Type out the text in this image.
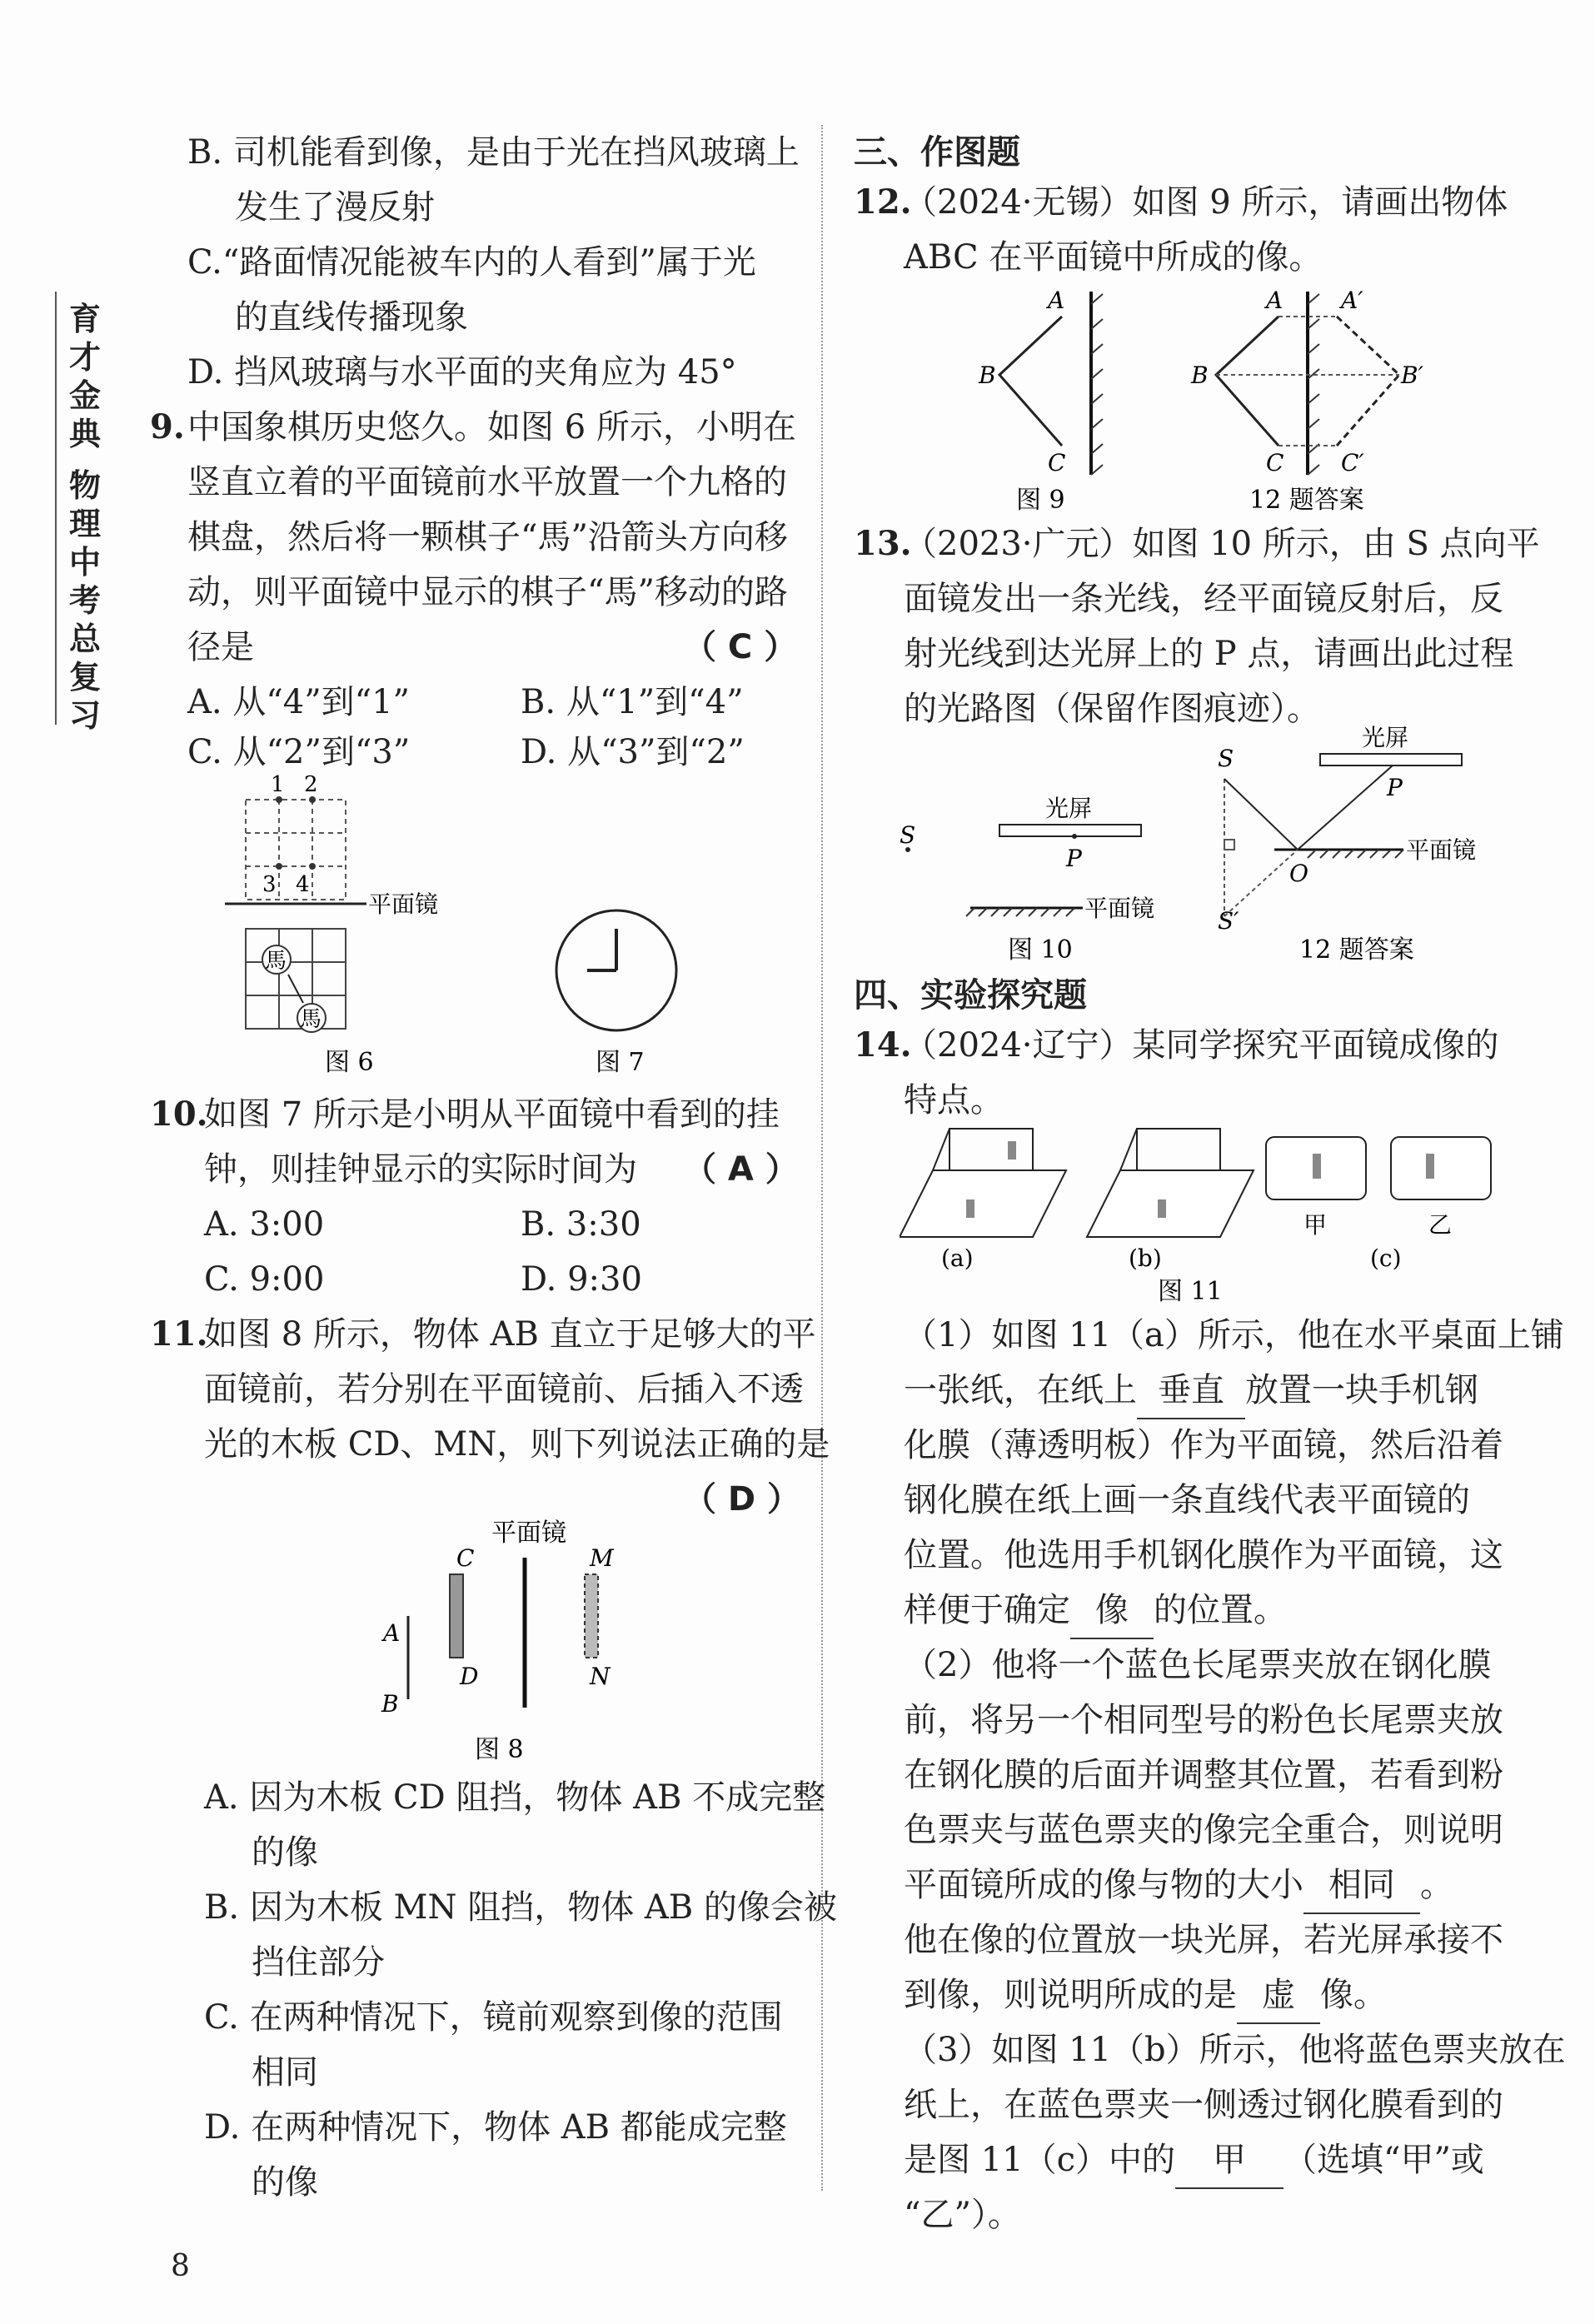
育才金典
物理中考总复习
B. 司机能看到像，是由于光在挡风玻璃上
发生了漫反射
C.“路面情况能被车内的人看到”属于光
的直线传播现象
D. 挡风玻璃与水平面的夹角应为 45°
9. 中国象棋历史悠久。如图 6 所示，小明在
竖直立着的平面镜前水平放置一个九格的
棋盘，然后将一颗棋子“馬”沿箭头方向移
动，则平面镜中显示的棋子“馬”移动的路
径是	（ C ）
A. 从“4”到“1”	B. 从“1”到“4”
C. 从“2”到“3”	D. 从“3”到“2”
1 2
3 4
平面镜
馬
馬
图 6	图 7
10.
如图 7 所示是小明从平面镜中看到的挂
钟，则挂钟显示的实际时间为 （ A ）
A. 3:00	B. 3:30
C. 9:00	D. 9:30
11.
如图 8 所示，物体 AB 直立于足够大的平
面镜前，若分别在平面镜前、后插入不透
光的木板 CD、MN，则下列说法正确的是
（ D ）
平面镜
A
B
C
D
M
N
图 8
A. 因为木板 CD 阻挡，物体 AB 不成完整
的像
B. 因为木板 MN 阻挡，物体 AB 的像会被
挡住部分
C. 在两种情况下，镜前观察到像的范围
相同
D. 在两种情况下，物体 AB 都能成完整
的像
三、作图题
12.
（2024·无锡）如图 9 所示，请画出物体
ABC 在平面镜中所成的像。
A
B
C
图 9
A A′
B	B′
C C′
12 题答案
13.
（2023·广元）如图 10 所示，由 S 点向平
面镜发出一条光线，经平面镜反射后，反
射光线到达光屏上的 P 点，请画出此过程
的光路图（保留作图痕迹）。
光屏
P
S
平面镜
图 10
光屏
P
平面镜
S
S′
O
12 题答案
四、实验探究题
14.
（2024·辽宁）某同学探究平面镜成像的
特点。
(a)	(b)
甲	乙
(c)
图 11
（1）如图 11（a）所示，他在水平桌面上铺
一张纸，在纸上 垂直 放置一块手机钢
化膜（薄透明板）作为平面镜，然后沿着
钢化膜在纸上画一条直线代表平面镜的
位置。他选用手机钢化膜作为平面镜，这
样便于确定 像 的位置。
（2）他将一个蓝色长尾票夹放在钢化膜
前，将另一个相同型号的粉色长尾票夹放
在钢化膜的后面并调整其位置，若看到粉
色票夹与蓝色票夹的像完全重合，则说明
平面镜所成的像与物的大小 相同 。
他在像的位置放一块光屏，若光屏承接不
到像，则说明所成的是 虚 像。
（3）如图 11（b）所示，他将蓝色票夹放在
纸上，在蓝色票夹一侧透过钢化膜看到的
是图 11（c）中的 甲 （选填“甲”或
“乙”）。
8
